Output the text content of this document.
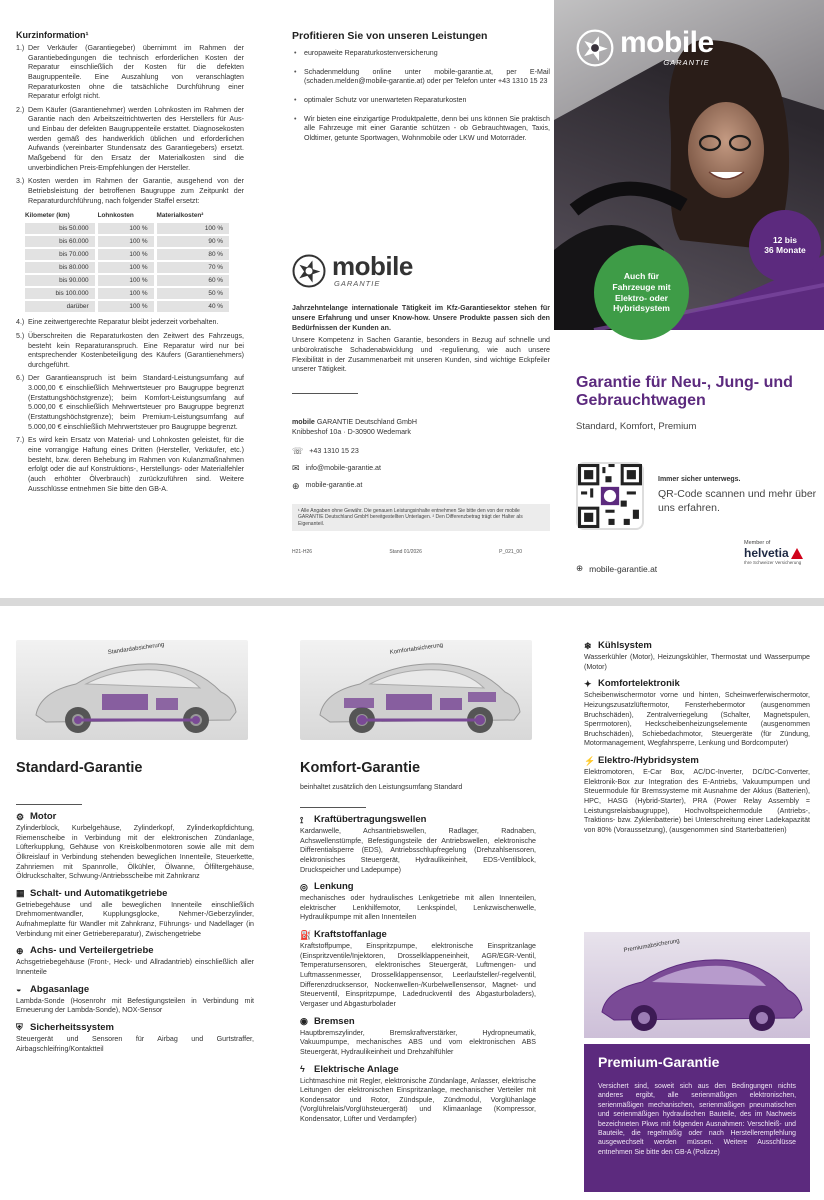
Kurzinformation¹
1.) Der Verkäufer (Garantiegeber) übernimmt im Rahmen der Garantiebedingungen die technisch erforderlichen Kosten der Reparatur einschließlich der Kosten für die defekten Baugruppenteile. Eine Auszahlung von veranschlagten Reparaturkosten ohne die tatsächliche Durchführung einer Reparatur erfolgt nicht.
2.) Dem Käufer (Garantienehmer) werden Lohnkosten im Rahmen der Garantie nach den Arbeitszeitrichtwerten des Herstellers für Aus- und Einbau der defekten Baugruppenteile erstattet. Diagnosekosten werden gemäß des handwerklich üblichen und erforderlichen Aufwands (vereinbarter Stundensatz des Garantiegebers) ersetzt. Maßgebend für den Ersatz der Materialkosten sind die unverbindlichen Preis-Empfehlungen der Hersteller.
3.) Kosten werden im Rahmen der Garantie, ausgehend von der Betriebsleistung der betroffenen Baugruppe zum Zeitpunkt der Reparaturdurchführung, nach folgender Staffel ersetzt:
Kilometer (km)	Lohnkosten	Materialkosten²
bis 50.000	100 %	100 %
bis 60.000	100 %	90 %
bis 70.000	100 %	80 %
bis 80.000	100 %	70 %
bis 90.000	100 %	60 %
bis 100.000	100 %	50 %
darüber	100 %	40 %
4.) Eine zeitwertgerechte Reparatur bleibt jederzeit vorbehalten.
5.) Überschreiten die Reparaturkosten den Zeitwert des Fahrzeugs, besteht kein Reparaturanspruch. Eine Reparatur wird nur bei entsprechender Kostenbeteiligung des Käufers (Garantienehmers) durchgeführt.
6.) Der Garantieanspruch ist beim Standard-Leistungsumfang auf 3.000,00 € einschließlich Mehrwertsteuer pro Baugruppe begrenzt (Erstattungshöchstgrenze); beim Komfort-Leistungsumfang auf 5.000,00 € einschließlich Mehrwertsteuer pro Baugruppe begrenzt (Erstattungshöchstgrenze); beim Premium-Leistungsumfang auf 5.000,00 € einschließlich Mehrwertsteuer pro Baugruppe begrenzt.
7.) Es wird kein Ersatz von Material- und Lohnkosten geleistet, für die eine vorrangige Haftung eines Dritten (Hersteller, Verkäufer, etc.) besteht, bzw. deren Behebung im Rahmen von Kulanzmaßnahmen erfolgt oder die auf Konstruktions-, Herstellungs- oder Materialfehler (auch erhöhter Ölverbrauch) zurückzuführen sind. Weitere Ausschlüsse entnehmen Sie bitte den GB-A.
Profitieren Sie von unseren Leistungen
• europaweite Reparaturkostenversicherung
• Schadenmeldung online unter mobile-garantie.at, per E-Mail (schaden.melden@mobile-garantie.at) oder per Telefon unter +43 1310 15 23
• optimaler Schutz vor unerwarteten Reparaturkosten
• Wir bieten eine einzigartige Produktpalette, denn bei uns können Sie praktisch alle Fahrzeuge mit einer Garantie schützen - ob Gebrauchtwagen, Taxis, Oldtimer, getunte Sportwagen, Wohnmobile oder LKW und Motorräder.
mobile
GARANTIE
Jahrzehntelange internationale Tätigkeit im Kfz-Garantiesektor stehen für unsere Erfahrung und unser Know-how. Unsere Produkte passen sich den Bedürfnissen der Kunden an.
Unsere Kompetenz in Sachen Garantie, besonders in Bezug auf schnelle und unbürokratische Schadenabwicklung und -regulierung, wie auch unsere Flexibilität in der Zusammenarbeit mit unseren Kunden, sind wichtige Eckpfeiler unserer Tätigkeit.
mobile GARANTIE Deutschland GmbH
Knibbeshof 10a · D-30900 Wedemark
☏ +43 1310 15 23
✉ info@mobile-garantie.at
⊕ mobile-garantie.at
¹ Alle Angaben ohne Gewähr. Die genauen Leistungsinhalte entnehmen Sie bitte den von der mobile GARANTIE Deutschland GmbH bereitgestellten Unterlagen. ² Den Differenzbetrag trägt der Halter als Eigenanteil.
H21-H26	Stand 01/2026	P_021_00
mobile
GARANTIE
12 bis
36 Monate
Auch für
Fahrzeuge mit
Elektro- oder
Hybridsystem
Garantie für Neu-, Jung- und Gebrauchtwagen
Standard, Komfort, Premium
Immer sicher unterwegs.
QR-Code scannen und mehr über uns erfahren.
⊕ mobile-garantie.at
Member of
helvetia
Ihre Schweizer Versicherung
Standardabsicherung
Standard-Garantie
⚙ Motor
Zylinderblock, Kurbelgehäuse, Zylinderkopf, Zylinderkopfdichtung, Riemenscheibe in Verbindung mit der elektronischen Zündanlage, Lüfterkupplung, Gehäuse von Kreiskolbenmotoren sowie alle mit dem Ölkreislauf in Verbindung stehenden beweglichen Innenteile, Steuerkette, Zahnriemen mit Spannrolle, Ölkühler, Ölwanne, Ölfiltergehäuse, Öldruckschalter, Schwung-/Antriebsscheibe mit Zahnkranz
▦ Schalt- und Automatikgetriebe
Getriebegehäuse und alle beweglichen Innenteile einschließlich Drehmomentwandler, Kupplungsglocke, Nehmer-/Geberzylinder, Aufnahmeplatte für Wandler mit Zahnkranz, Führungs- und Nadellager (in Verbindung mit einer Getriebereparatur), Zwischengetriebe
⊕ Achs- und Verteilergetriebe
Achsgetriebegehäuse (Front-, Heck- und Allradantrieb) einschließlich aller Innenteile
◒ Abgasanlage
Lambda-Sonde (Hosenrohr mit Befestigungsteilen in Verbindung mit Erneuerung der Lambda-Sonde), NOX-Sensor
⛨ Sicherheitssystem
Steuergerät und Sensoren für Airbag und Gurtstraffer, Airbagschleifring/Kontaktteil
Komfortabsicherung
Komfort-Garantie
beinhaltet zusätzlich den Leistungsumfang Standard
⟟	Kraftübertragungswellen
Kardanwelle, Achsantriebswellen, Radlager, Radnaben, Achswellenstümpfe, Befestigungsteile der Antriebswellen, elektronische Differentialsperre (EDS), Antriebsschlupfregelung (Drehzahlsensoren, elektronisches Steuergerät, Hydraulikeinheit, EDS-Ventilblock, Druckspeicher und Ladepumpe)
◎ Lenkung
mechanisches oder hydraulisches Lenkgetriebe mit allen Innenteilen, elektrischer Lenkhilfemotor, Lenkspindel, Lenkzwischenwelle, Hydraulikpumpe mit allen Innenteilen
⛽ Kraftstoffanlage
Kraftstoffpumpe, Einspritzpumpe, elektronische Einspritzanlage (Einspritzventile/Injektoren, Drosselklappeneinheit, AGR/EGR-Ventil, Temperatursensoren, elektronisches Steuergerät, Luftmengen- und Luftmassenmesser, Drosselklappensensor, Leerlaufsteller/-regelventil, Differenzdrucksensor, Nockenwellen-/Kurbelwellensensor, Magnet- und Steuerventil, Einspritzpumpe, Ladedruckventil des Abgasturboladers), Vergaser und Abgasturbolader
◉ Bremsen
Hauptbremszylinder, Bremskraftverstärker, Hydropneumatik, Vakuumpumpe, mechanisches ABS und vom elektronischen ABS Steuergerät, Hydraulikeinheit und Drehzahlfühler
ϟ Elektrische Anlage
Lichtmaschine mit Regler, elektronische Zündanlage, Anlasser, elektrische Leitungen der elektronischen Einspritzanlage, mechanischer Verteiler mit Kondensator und Rotor, Zündspule, Zündmodul, Vorglühanlage (Vorglührelais/Vorglühsteuergerät) und Klimaanlage (Kompressor, Kondensator, Lüfter und Verdampfer)
❄ Kühlsystem
Wasserkühler (Motor), Heizungskühler, Thermostat und Wasserpumpe (Motor)
✦ Komfortelektronik
Scheibenwischermotor vorne und hinten, Scheinwerferwischermotor, Heizungszusatzlüftermotor, Fensterhebermotor (ausgenommen Bruchschäden), Zentralverriegelung (Schalter, Magnetspulen, Sperrmotoren), Heckscheibenheizungselemente (ausgenommen Bruchschäden), Schiebedachmotor, Steuergeräte (für Zündung, Motormanagement, Wegfahrsperre, Lenkung und Bordcomputer)
⚡ Elektro-/Hybridsystem
Elektromotoren, E-Car Box, AC/DC-Inverter, DC/DC-Converter, Elektronik-Box zur Integration des E-Antriebs, Vakuumpumpen und Steuermodule für Bremssysteme mit Ausnahme der Akkus (Batterien), HPC, HASG (Hybrid-Starter), PRA (Power Relay Assembly = Leistungsrelaisbaugruppe), Hochvoltspeichermodule (Antriebs-, Traktions- bzw. Zyklenbatterie) bei Unterschreitung einer Ladekapazität von 80% (Voraussetzung), (ausgenommen sind Starterbatterien)
Premiumabsicherung
Premium-Garantie
Versichert sind, soweit sich aus den Bedingungen nichts anderes ergibt, alle serienmäßigen elektronischen, serienmäßigen mechanischen, serienmäßigen pneumatischen und serienmäßigen hydraulischen Bauteile, des im Nachweis bezeichneten Pkws mit folgenden Ausnahmen: Verschleiß- und Bauteile, die regelmäßig oder nach Herstellerempfehlung ausgewechselt werden müssen. Weitere Ausschlüsse entnehmen Sie bitte den GB-A (Polizze)
